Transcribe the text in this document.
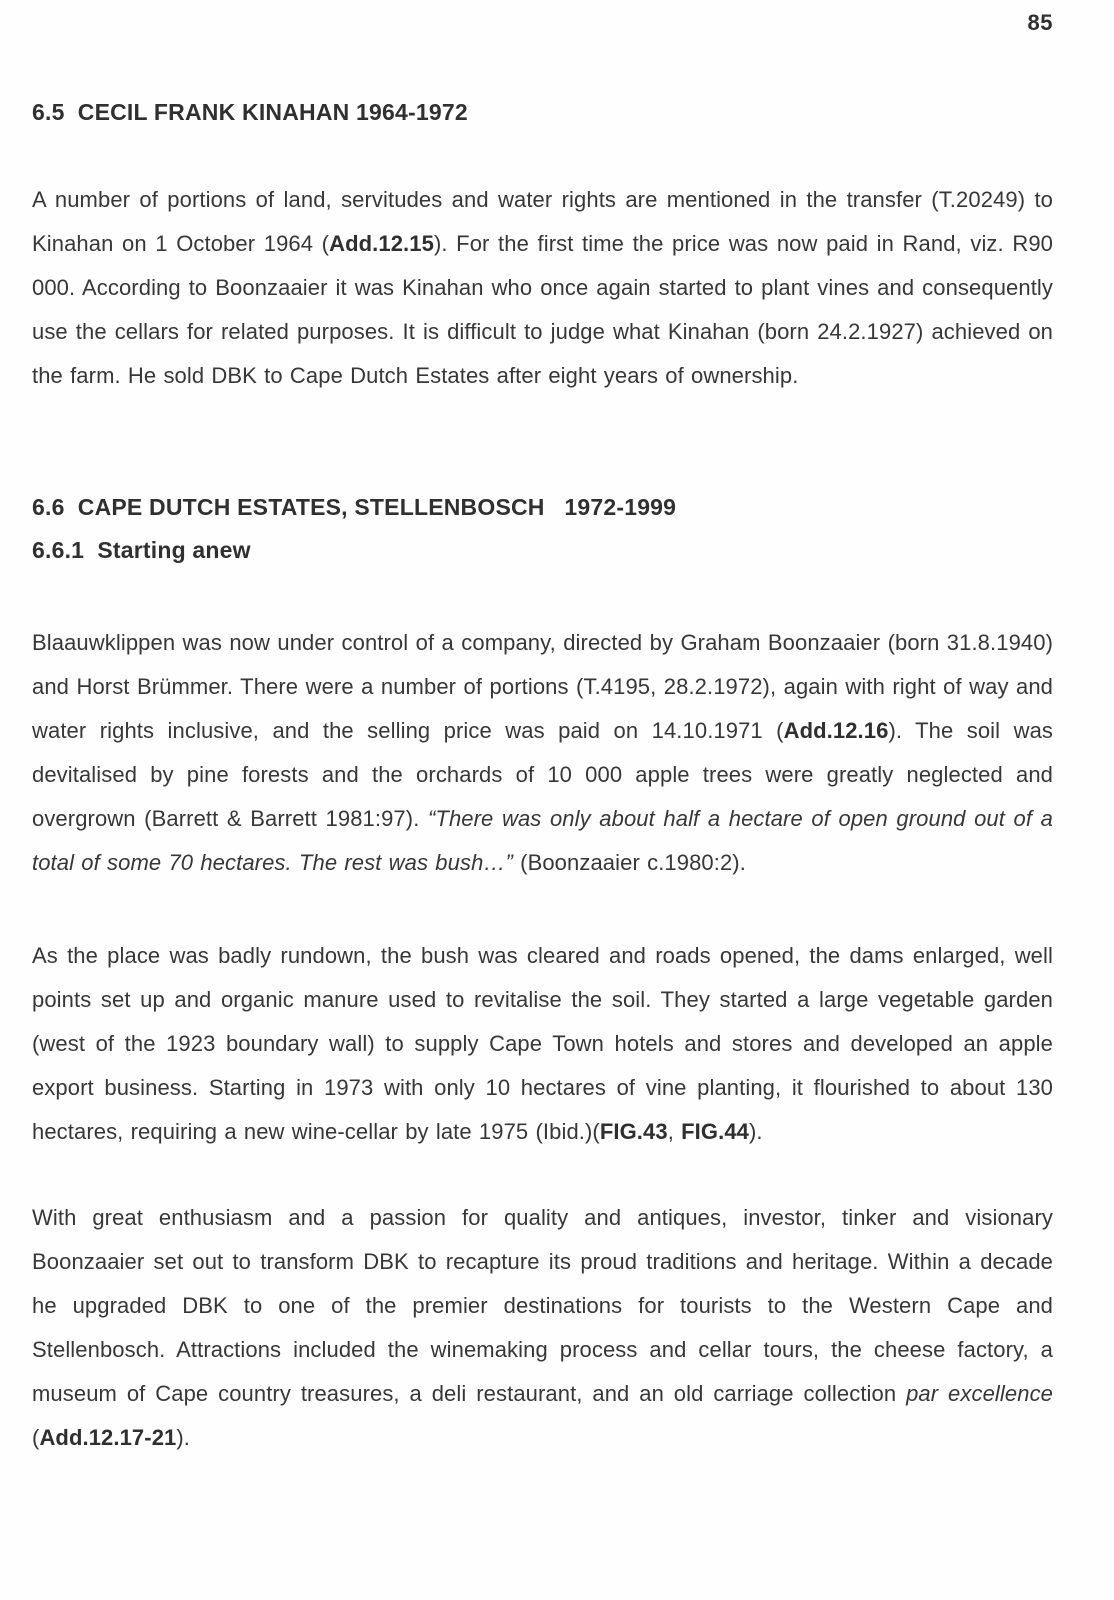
85
6.5  CECIL FRANK KINAHAN 1964-1972

A number of portions of land, servitudes and water rights are mentioned in the transfer (T.20249) to Kinahan on 1 October 1964 (Add.12.15). For the first time the price was now paid in Rand, viz. R90 000. According to Boonzaaier it was Kinahan who once again started to plant vines and consequently use the cellars for related purposes. It is difficult to judge what Kinahan (born 24.2.1927) achieved on the farm. He sold DBK to Cape Dutch Estates after eight years of ownership.

6.6  CAPE DUTCH ESTATES, STELLENBOSCH   1972-1999
6.6.1  Starting anew

Blaauwklippen was now under control of a company, directed by Graham Boonzaaier (born 31.8.1940) and Horst Brümmer. There were a number of portions (T.4195, 28.2.1972), again with right of way and water rights inclusive, and the selling price was paid on 14.10.1971 (Add.12.16). The soil was devitalised by pine forests and the orchards of 10 000 apple trees were greatly neglected and overgrown (Barrett & Barrett 1981:97). “There was only about half a hectare of open ground out of a total of some 70 hectares. The rest was bush…” (Boonzaaier c.1980:2).

As the place was badly rundown, the bush was cleared and roads opened, the dams enlarged, well points set up and organic manure used to revitalise the soil. They started a large vegetable garden (west of the 1923 boundary wall) to supply Cape Town hotels and stores and developed an apple export business. Starting in 1973 with only 10 hectares of vine planting, it flourished to about 130 hectares, requiring a new wine-cellar by late 1975 (Ibid.)(FIG.43, FIG.44).

With great enthusiasm and a passion for quality and antiques, investor, tinker and visionary Boonzaaier set out to transform DBK to recapture its proud traditions and heritage. Within a decade he upgraded DBK to one of the premier destinations for tourists to the Western Cape and Stellenbosch. Attractions included the winemaking process and cellar tours, the cheese factory, a museum of Cape country treasures, a deli restaurant, and an old carriage collection par excellence (Add.12.17-21).
